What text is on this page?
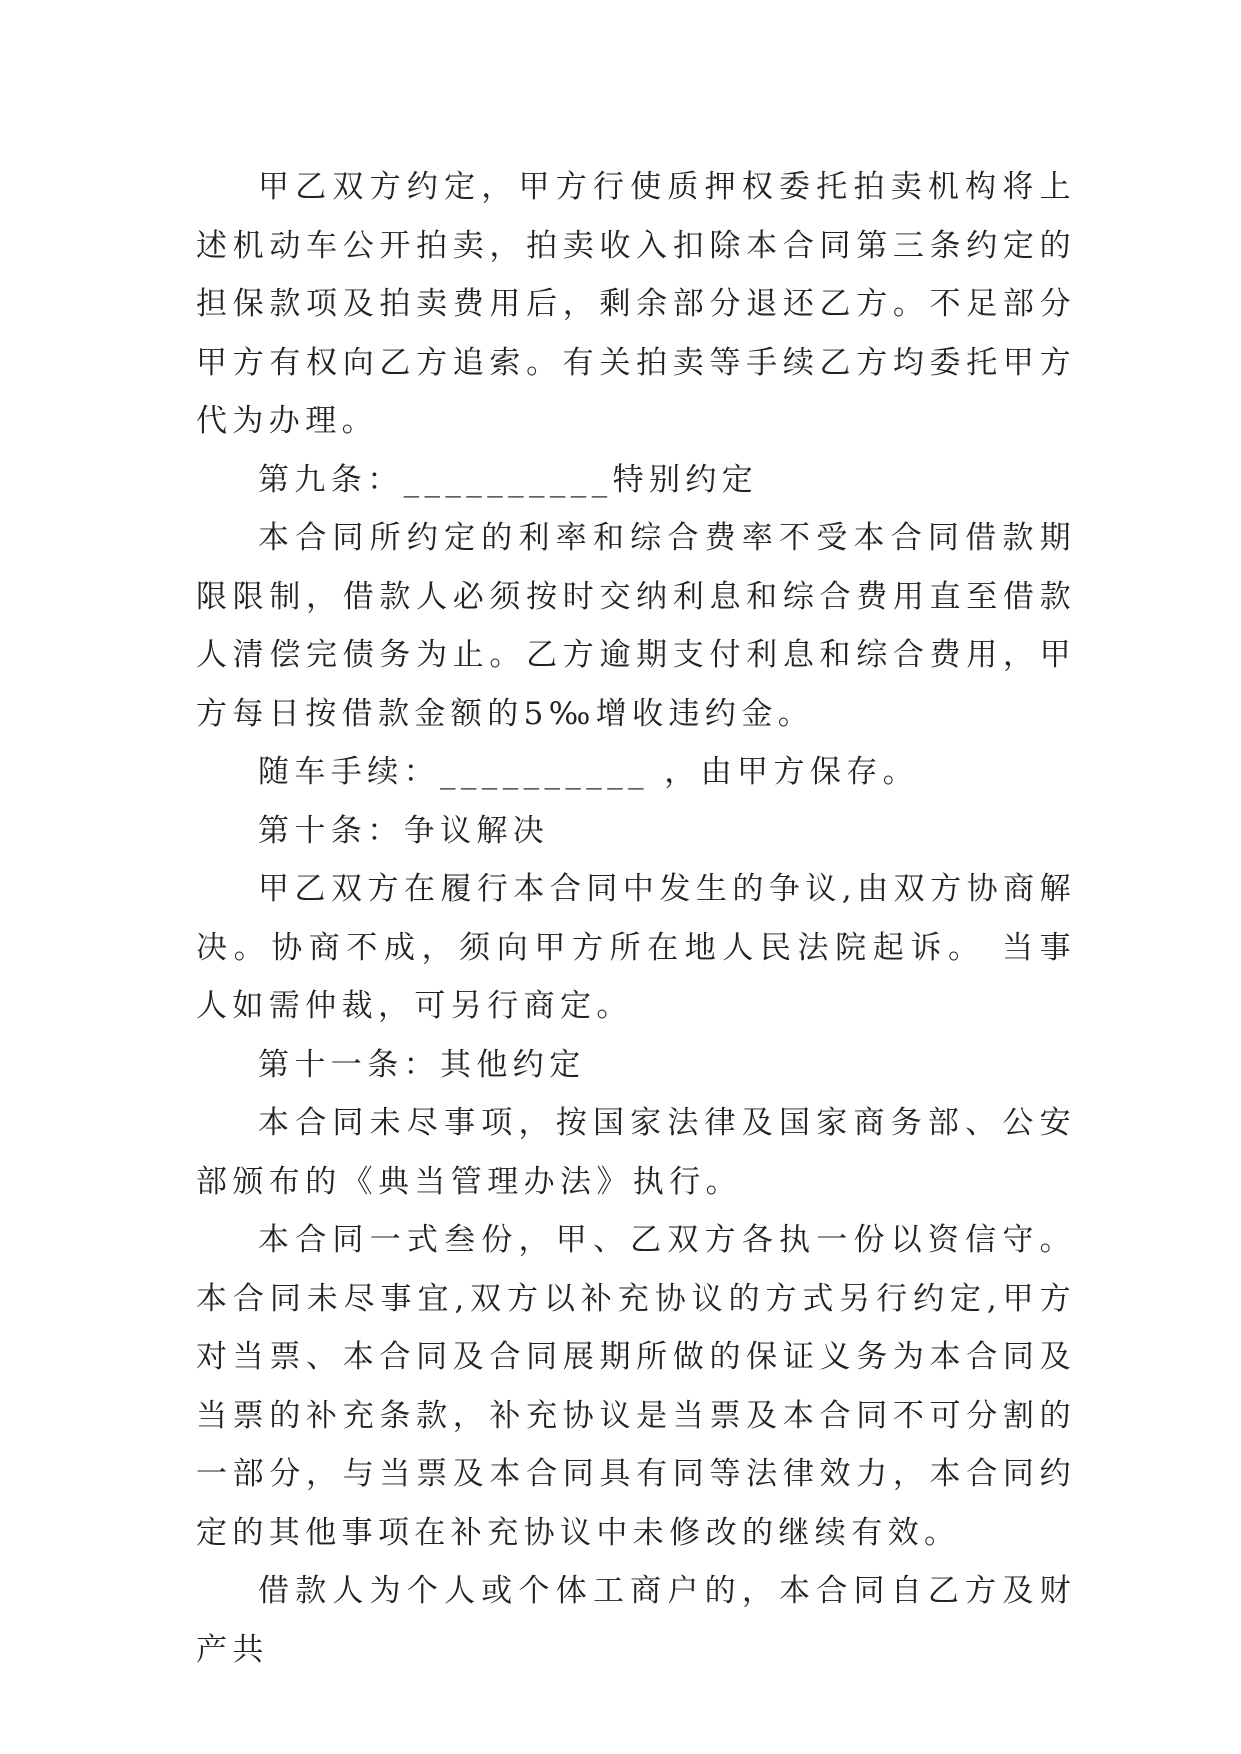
甲乙双方约定，甲方行使质押权委托拍卖机构将上述机动车公开拍卖，拍卖收入扣除本合同第三条约定的担保款项及拍卖费用后，剩余部分退还乙方。不足部分甲方有权向乙方追索。有关拍卖等手续乙方均委托甲方代为办理。

第九条：__________特别约定

本合同所约定的利率和综合费率不受本合同借款期限限制，借款人必须按时交纳利息和综合费用直至借款人清偿完债务为止。乙方逾期支付利息和综合费用，甲方每日按借款金额的5‰增收违约金。

随车手续：__________ ，由甲方保存。

第十条：争议解决

甲乙双方在履行本合同中发生的争议,由双方协商解决。协商不成，须向甲方所在地人民法院起诉。 当事人如需仲裁，可另行商定。

第十一条：其他约定

本合同未尽事项，按国家法律及国家商务部、公安部颁布的《典当管理办法》执行。

本合同一式叁份，甲、乙双方各执一份以资信守。本合同未尽事宜,双方以补充协议的方式另行约定,甲方对当票、本合同及合同展期所做的保证义务为本合同及当票的补充条款，补充协议是当票及本合同不可分割的一部分，与当票及本合同具有同等法律效力，本合同约定的其他事项在补充协议中未修改的继续有效。

借款人为个人或个体工商户的，本合同自乙方及财产共
